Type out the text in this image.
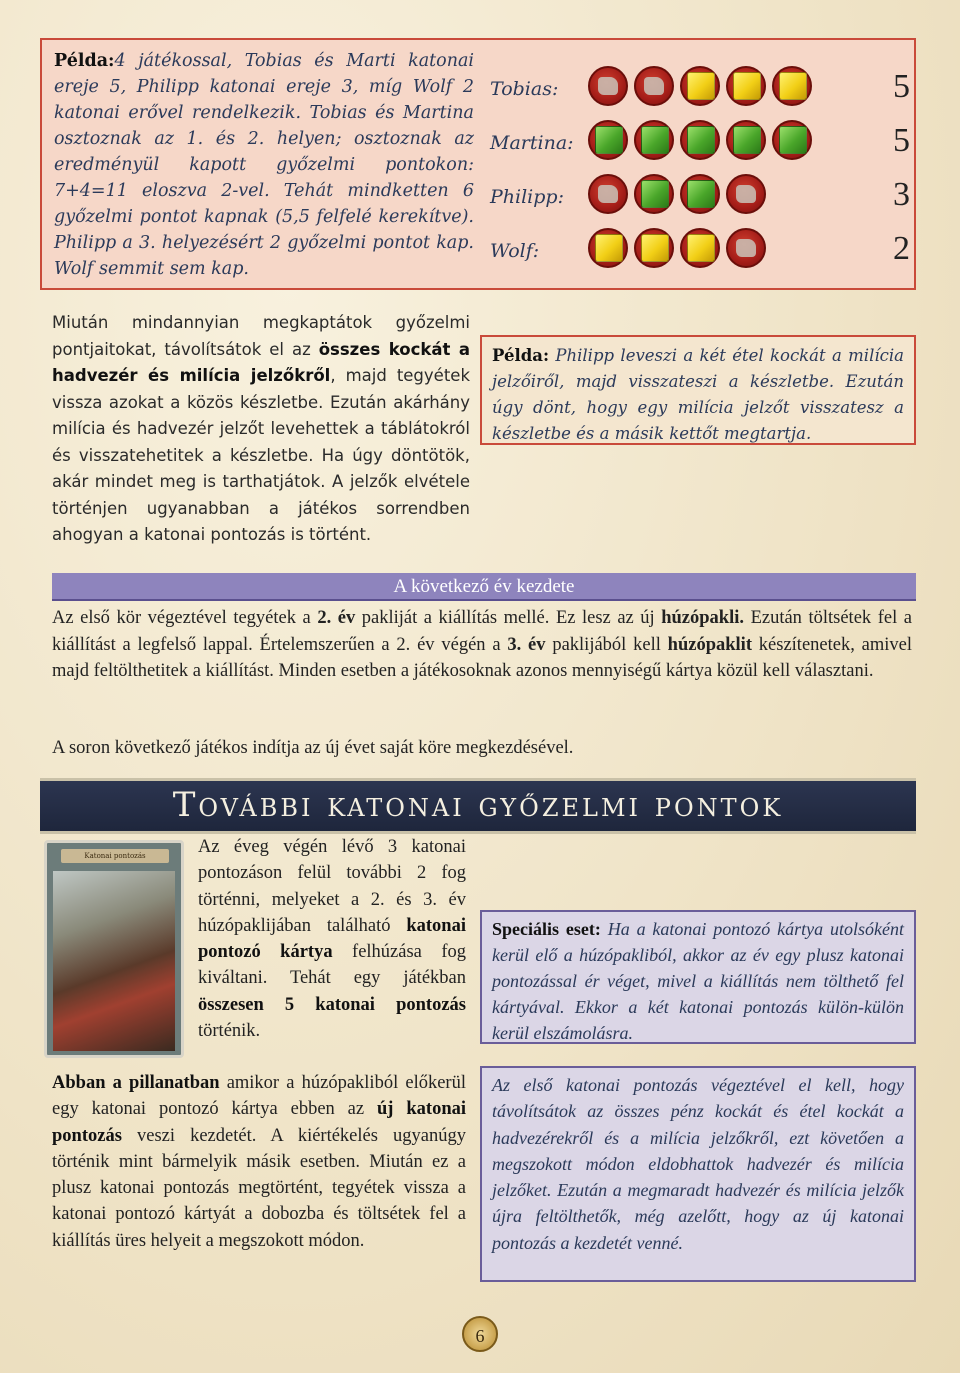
Példa:4 játékossal, Tobias és Marti katonai ereje 5, Philipp katonai ereje 3, míg Wolf 2 katonai erővel rendelkezik. Tobias és Martina osztoznak az 1. és 2. helyen; osztoznak az eredményül kapott győzelmi pontokon: 7+4=11 eloszva 2-vel. Tehát mindketten 6 győzelmi pontot kapnak (5,5 felfelé kerekítve). Philipp a 3. helyezésért 2 győzelmi pontot kap. Wolf semmit sem kap.
Tobias:	5
Martina:	5
Philipp:	3
Wolf:	2
Miután mindannyian megkaptátok győzelmi pontjaitokat, távolítsátok el az összes kockát a hadvezér és milícia jelzőkről, majd tegyétek vissza azokat a közös készletbe. Ezután akárhány milícia és hadvezér jelzőt levehettek a táblátokról és visszatehetitek a készletbe. Ha úgy döntötök, akár mindet meg is tarthatjátok. A jelzők elvétele történjen ugyanabban a játékos sorrendben ahogyan a katonai pontozás is történt.
Példa: Philipp leveszi a két étel kockát a milícia jelzőiről, majd visszateszi a készletbe. Ezután úgy dönt, hogy egy milícia jelzőt visszatesz a készletbe és a másik kettőt megtartja.
A következő év kezdete
Az első kör végeztével tegyétek a 2. év pakliját a kiállítás mellé. Ez lesz az új húzópakli. Ezután töltsétek fel a kiállítást a legfelső lappal. Értelemszerűen a 2. év végén a 3. év paklijából kell húzópaklit készítenetek, amivel majd feltölthetitek a kiállítást. Minden esetben a játékosoknak azonos mennyiségű kártya közül kell választani.
A soron következő játékos indítja az új évet saját köre megkezdésével.
További katonai győzelmi pontok
Katonai pontozás	Az éveg végén lévő 3 katonai pontozáson felül további 2 fog történni, melyeket a 2. és 3. év húzópaklijában található katonai pontozó kártya felhúzása fog kiváltani. Tehát egy játékban összesen 5 katonai pontozás történik.
Abban a pillanatban amikor a húzópakliból előkerül egy katonai pontozó kártya ebben az új katonai pontozás veszi kezdetét. A kiértékelés ugyanúgy történik mint bármelyik másik esetben. Miután ez a plusz katonai pontozás megtörtént, tegyétek vissza a katonai pontozó kártyát a dobozba és töltsétek fel a kiállítás üres helyeit a megszokott módon.
Speciális eset: Ha a katonai pontozó kártya utolsóként kerül elő a húzópakliból, akkor az év egy plusz katonai pontozással ér véget, mivel a kiállítás nem tölthető fel kártyával. Ekkor a két katonai pontozás külön-külön kerül elszámolásra.
Az első katonai pontozás végeztével el kell, hogy távolítsátok az összes pénz kockát és étel kockát a hadvezérekről és a milícia jelzőkről, ezt követően a megszokott módon eldobhattok hadvezér és milícia jelzőket. Ezután a megmaradt hadvezér és milícia jelzők újra feltölthetők, még azelőtt, hogy az új katonai pontozás a kezdetét venné.
6
